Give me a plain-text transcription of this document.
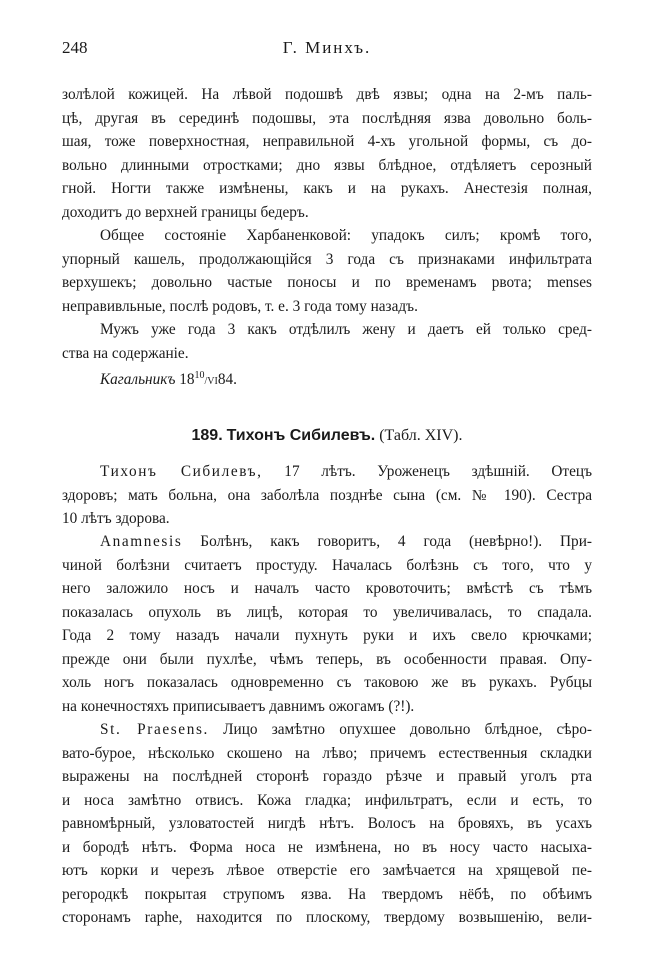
248	Г. Минхъ.
золѣлой кожицей. На лѣвой подошвѣ двѣ язвы; одна на 2-мъ паль-
цѣ, другая въ серединѣ подошвы, эта послѣдняя язва довольно боль-
шая, тоже поверхностная, неправильной 4-хъ угольной формы, съ до-
вольно длинными отростками; дно язвы блѣдное, отдѣляетъ серозный
гной. Ногти также измѣнены, какъ и на рукахъ. Анестезія полная,
доходитъ до верхней границы бедеръ.
Общее состояніе Харбаненковой: упадокъ силъ; кромѣ того,
упорный кашель, продолжающійся 3 года съ признаками инфильтрата
верхушекъ; довольно частые поносы и по временамъ рвота; menses
неправивльные, послѣ родовъ, т. е. 3 года тому назадъ.
Мужъ уже года 3 какъ отдѣлилъ жену и даетъ ей только сред-
ства на содержаніе.
Кагальникъ $18^{10}/VI84$.
189. Тихонъ Сибилевъ. (Табл. XIV).
Тихонъ Сибилевъ, 17 лѣтъ. Уроженецъ здѣшній. Отецъ
здоровъ; мать больна, она заболѣла позднѣе сына (см. № 190). Сестра
10 лѣтъ здорова.
Anamnesis Болѣнъ, какъ говоритъ, 4 года (невѣрно!). При-
чиной болѣзни считаетъ простуду. Началась болѣзнь съ того, что у
него заложило носъ и началъ часто кровоточить; вмѣстѣ съ тѣмъ
показалась опухоль въ лицѣ, которая то увеличивалась, то спадала.
Года 2 тому назадъ начали пухнуть руки и ихъ свело крючками;
прежде они были пухлѣе, чѣмъ теперь, въ особенности правая. Опу-
холь ногъ показалась одновременно съ таковою же въ рукахъ. Рубцы
на конечностяхъ приписываетъ давнимъ ожогамъ (?!).
St. Praesens. Лицо замѣтно опухшее довольно блѣдное, сѣро-
вато-бурое, нѣсколько скошено на лѣво; причемъ естественныя складки
выражены на послѣдней сторонѣ гораздо рѣзче и правый уголъ рта
и носа замѣтно отвисъ. Кожа гладка; инфильтратъ, если и есть, то
равномѣрный, узловатостей нигдѣ нѣтъ. Волосъ на бровяхъ, въ усахъ
и бородѣ нѣтъ. Форма носа не измѣнена, но въ носу часто насыха-
ютъ корки и черезъ лѣвое отверстіе его замѣчается на хрящевой пе-
регородкѣ покрытая струпомъ язва. На твердомъ нёбѣ, по обѣимъ
сторонамъ raphe, находится по плоскому, твердому возвышенію, вели-
